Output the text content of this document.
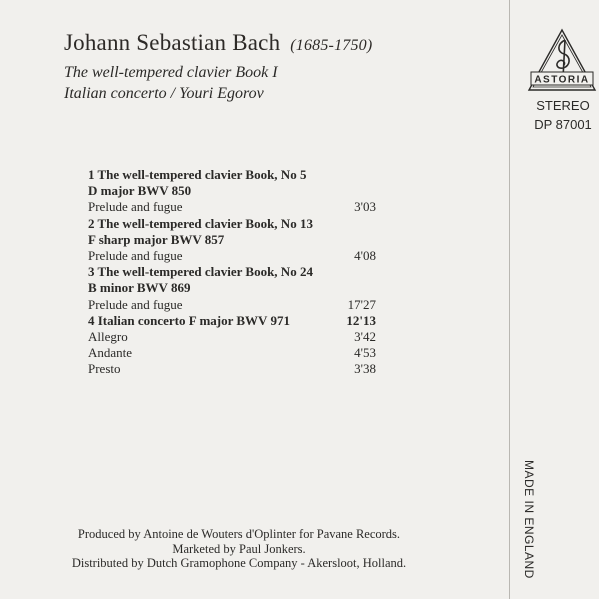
Johann Sebastian Bach (1685-1750)
The well-tempered clavier Book I
Italian concerto / Youri Egorov
ASTORIA
STEREO
DP 87001
MADE IN ENGLAND
1 The well-tempered clavier Book, No 5
D major BWV 850
Prelude and fugue	3'03
2 The well-tempered clavier Book, No 13
F sharp major BWV 857
Prelude and fugue	4'08
3 The well-tempered clavier Book, No 24
B minor BWV 869
Prelude and fugue	17'27
4 Italian concerto F major BWV 971	12'13
Allegro	3'42
Andante	4'53
Presto	3'38
Produced by Antoine de Wouters d'Oplinter for Pavane Records.
Marketed by Paul Jonkers.
Distributed by Dutch Gramophone Company - Akersloot, Holland.
